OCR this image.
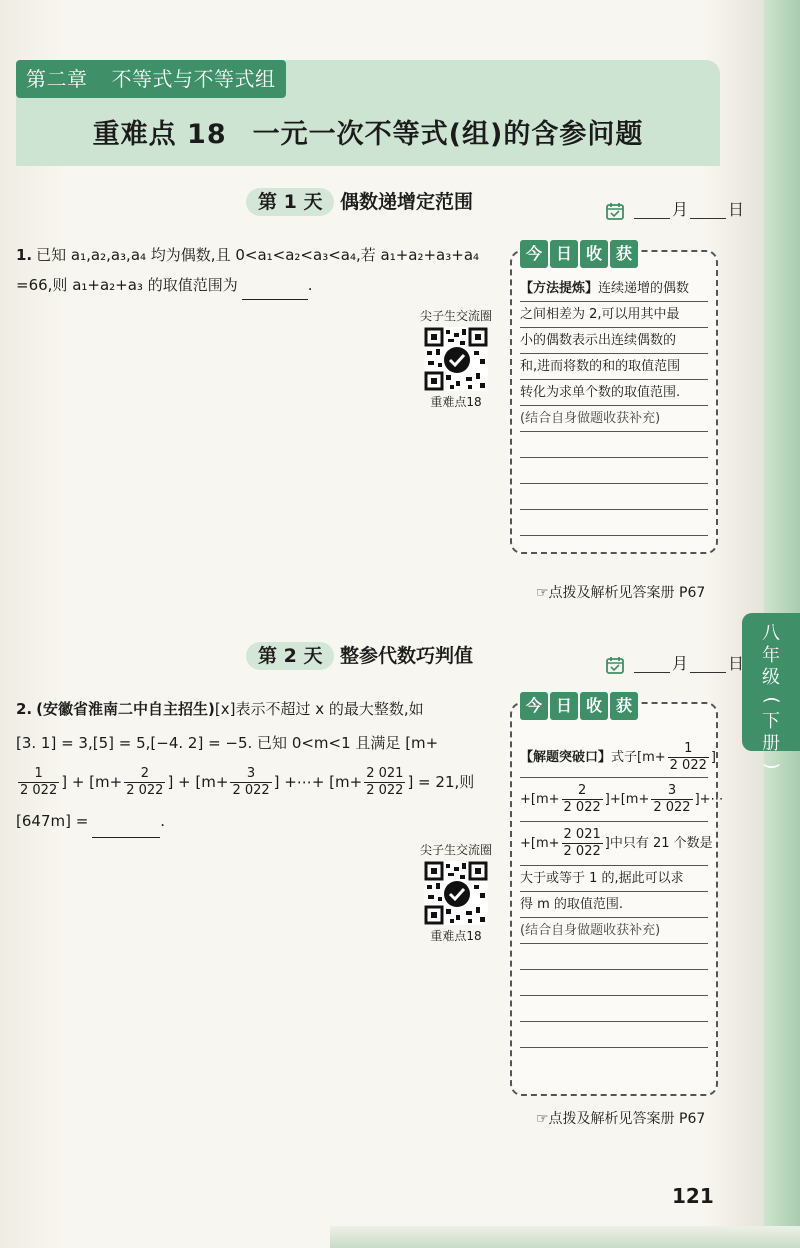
第二章 不等式与不等式组
重难点 18 一元一次不等式(组)的含参问题
八
年
级
(
下
册
)
第 1 天 偶数递增定范围	月	日
1. 已知 a₁,a₂,a₃,a₄ 均为偶数,且 0<a₁<a₂<a₃<a₄,若 a₁+a₂+a₃+a₄
=66,则 a₁+a₂+a₃ 的取值范围为	.
尖子生交流圈
重难点18
今 日 收 获
【方法提炼】连续递增的偶数
之间相差为 2,可以用其中最
小的偶数表示出连续偶数的
和,进而将数的和的取值范围
转化为求单个数的取值范围.
(结合自身做题收获补充)
☞点拨及解析见答案册 P67
第 2 天 整参代数巧判值	月	日
2. (安徽省淮南二中自主招生)[x]表示不超过 x 的最大整数,如
[3. 1] = 3,[5] = 5,[−4. 2] = −5. 已知 0<m<1 且满足 [m+
$\frac{1}{2 022}$ ] + [$m+ \frac{2}{2 022}$ ] + [$m+ \frac{3}{2 022}$ ] +⋯+ [$m+ \frac{2 021}{2 022}$ ] = 21,则
[647m] =	.
尖子生交流圈
重难点18
今 日 收 获
【解题突破口】式子[$m+ \frac{1}{2 022}$ ]
$+[m+ \frac{2}{2 022} ]+[m+ \frac{3}{2 022}$ ]+⋯
$+[m+ \frac{2 021}{2 022}$ ]中只有 21 个数是
大于或等于 1 的,据此可以求
得 m 的取值范围.
(结合自身做题收获补充)
☞点拨及解析见答案册 P67
121
